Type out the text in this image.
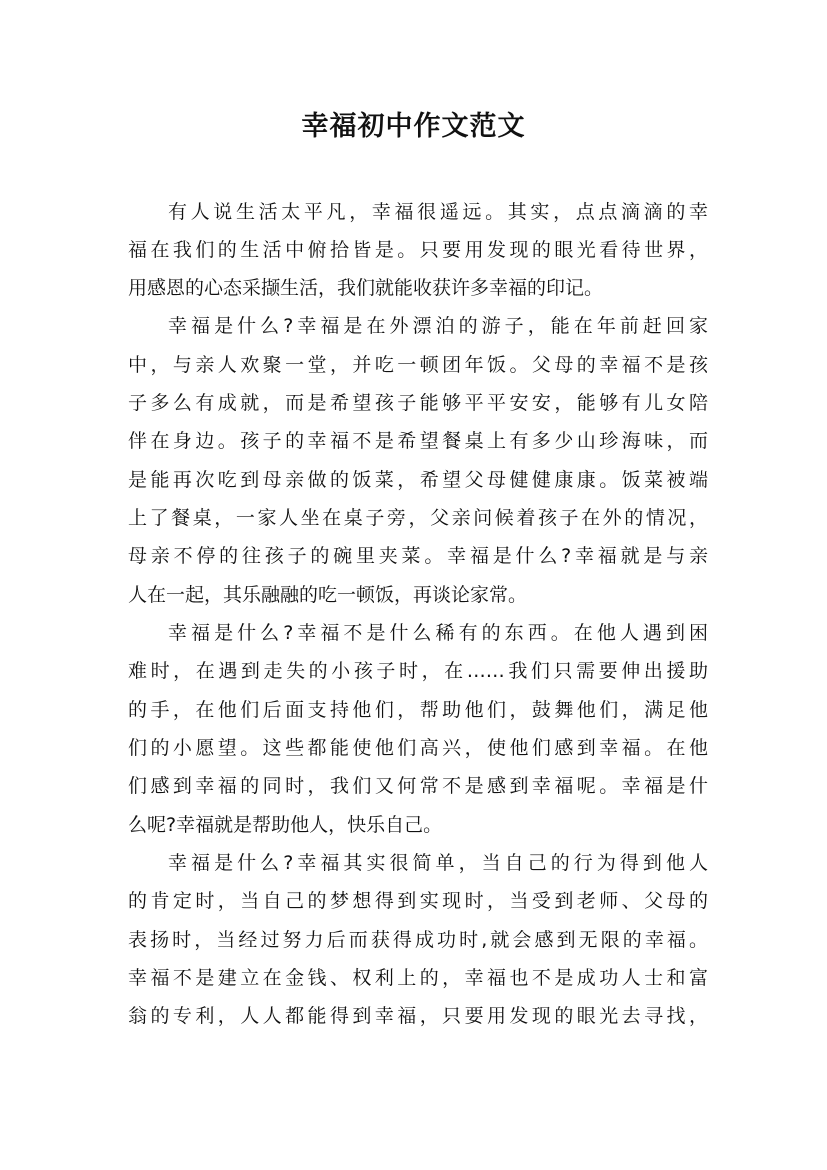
幸福初中作文范文
有人说生活太平凡，幸福很遥远。其实，点点滴滴的幸
福在我们的生活中俯拾皆是。只要用发现的眼光看待世界，
用感恩的心态采撷生活，我们就能收获许多幸福的印记。
幸福是什么?幸福是在外漂泊的游子，能在年前赶回家
中，与亲人欢聚一堂，并吃一顿团年饭。父母的幸福不是孩
子多么有成就，而是希望孩子能够平平安安，能够有儿女陪
伴在身边。孩子的幸福不是希望餐桌上有多少山珍海味，而
是能再次吃到母亲做的饭菜，希望父母健健康康。饭菜被端
上了餐桌，一家人坐在桌子旁，父亲问候着孩子在外的情况，
母亲不停的往孩子的碗里夹菜。幸福是什么?幸福就是与亲
人在一起，其乐融融的吃一顿饭，再谈论家常。
幸福是什么?幸福不是什么稀有的东西。在他人遇到困
难时，在遇到走失的小孩子时，在……我们只需要伸出援助
的手，在他们后面支持他们，帮助他们，鼓舞他们，满足他
们的小愿望。这些都能使他们高兴，使他们感到幸福。在他
们感到幸福的同时，我们又何常不是感到幸福呢。幸福是什
么呢?幸福就是帮助他人，快乐自己。
幸福是什么?幸福其实很简单，当自己的行为得到他人
的肯定时，当自己的梦想得到实现时，当受到老师、父母的
表扬时，当经过努力后而获得成功时,就会感到无限的幸福。
幸福不是建立在金钱、权利上的，幸福也不是成功人士和富
翁的专利，人人都能得到幸福，只要用发现的眼光去寻找，
